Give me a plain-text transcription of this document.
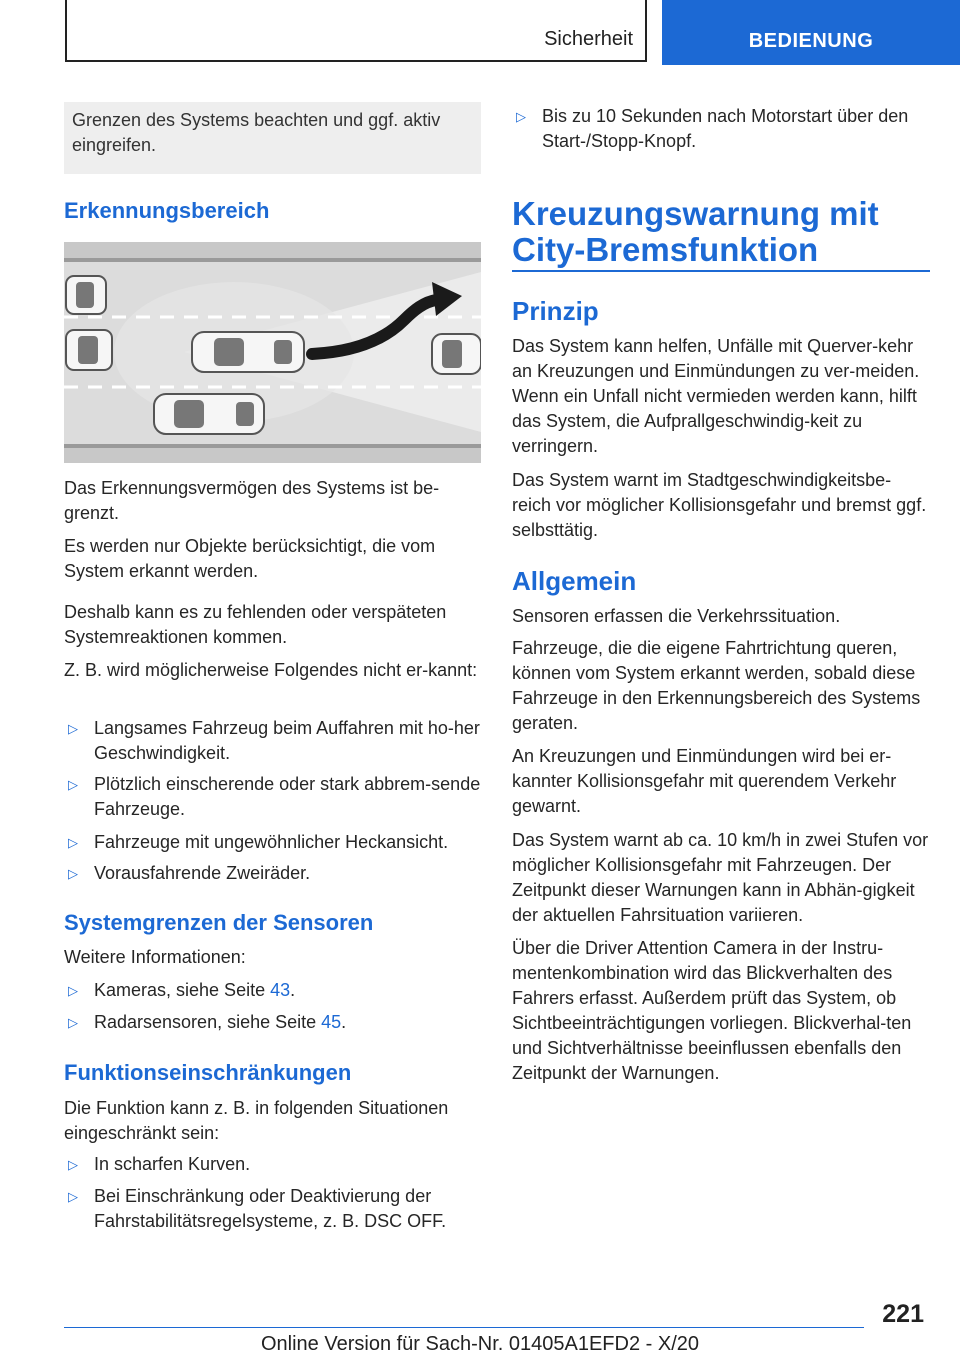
Sicherheit	BEDIENUNG
Grenzen des Systems beachten und ggf. aktiv eingreifen.
Erkennungsbereich

Das Erkennungsvermögen des Systems ist be-grenzt.

Es werden nur Objekte berücksichtigt, die vom System erkannt werden.

Deshalb kann es zu fehlenden oder verspäteten Systemreaktionen kommen.

Z. B. wird möglicherweise Folgendes nicht er-kannt:

▷ Langsames Fahrzeug beim Auffahren mit ho-her Geschwindigkeit.
▷ Plötzlich einscherende oder stark abbrem-sende Fahrzeuge.
▷ Fahrzeuge mit ungewöhnlicher Heckansicht.
▷ Vorausfahrende Zweiräder.
Systemgrenzen der Sensoren

Weitere Informationen:

▷ Kameras, siehe Seite 43.
▷ Radarsensoren, siehe Seite 45.
Funktionseinschränkungen

Die Funktion kann z. B. in folgenden Situationen eingeschränkt sein:

▷ In scharfen Kurven.
▷ Bei Einschränkung oder Deaktivierung der Fahrstabilitätsregelsysteme, z. B. DSC OFF.
▷ Bis zu 10 Sekunden nach Motorstart über den Start-/Stopp-Knopf.
Kreuzungswarnung mit
City-Bremsfunktion
Prinzip

Das System kann helfen, Unfälle mit Querver-kehr an Kreuzungen und Einmündungen zu ver-meiden. Wenn ein Unfall nicht vermieden werden kann, hilft das System, die Aufprallgeschwindig-keit zu verringern.

Das System warnt im Stadtgeschwindigkeitsbe-reich vor möglicher Kollisionsgefahr und bremst ggf. selbsttätig.

Allgemein

Sensoren erfassen die Verkehrssituation.

Fahrzeuge, die die eigene Fahrtrichtung queren, können vom System erkannt werden, sobald diese Fahrzeuge in den Erkennungsbereich des Systems geraten.

An Kreuzungen und Einmündungen wird bei er-kannter Kollisionsgefahr mit querendem Verkehr gewarnt.

Das System warnt ab ca. 10 km/h in zwei Stufen vor möglicher Kollisionsgefahr mit Fahrzeugen. Der Zeitpunkt dieser Warnungen kann in Abhän-gigkeit der aktuellen Fahrsituation variieren.

Über die Driver Attention Camera in der Instru-mentenkombination wird das Blickverhalten des Fahrers erfasst. Außerdem prüft das System, ob Sichtbeeinträchtigungen vorliegen. Blickverhal-ten und Sichtverhältnisse beeinflussen ebenfalls den Zeitpunkt der Warnungen.

221
Online Version für Sach-Nr. 01405A1EFD2 - X/20
